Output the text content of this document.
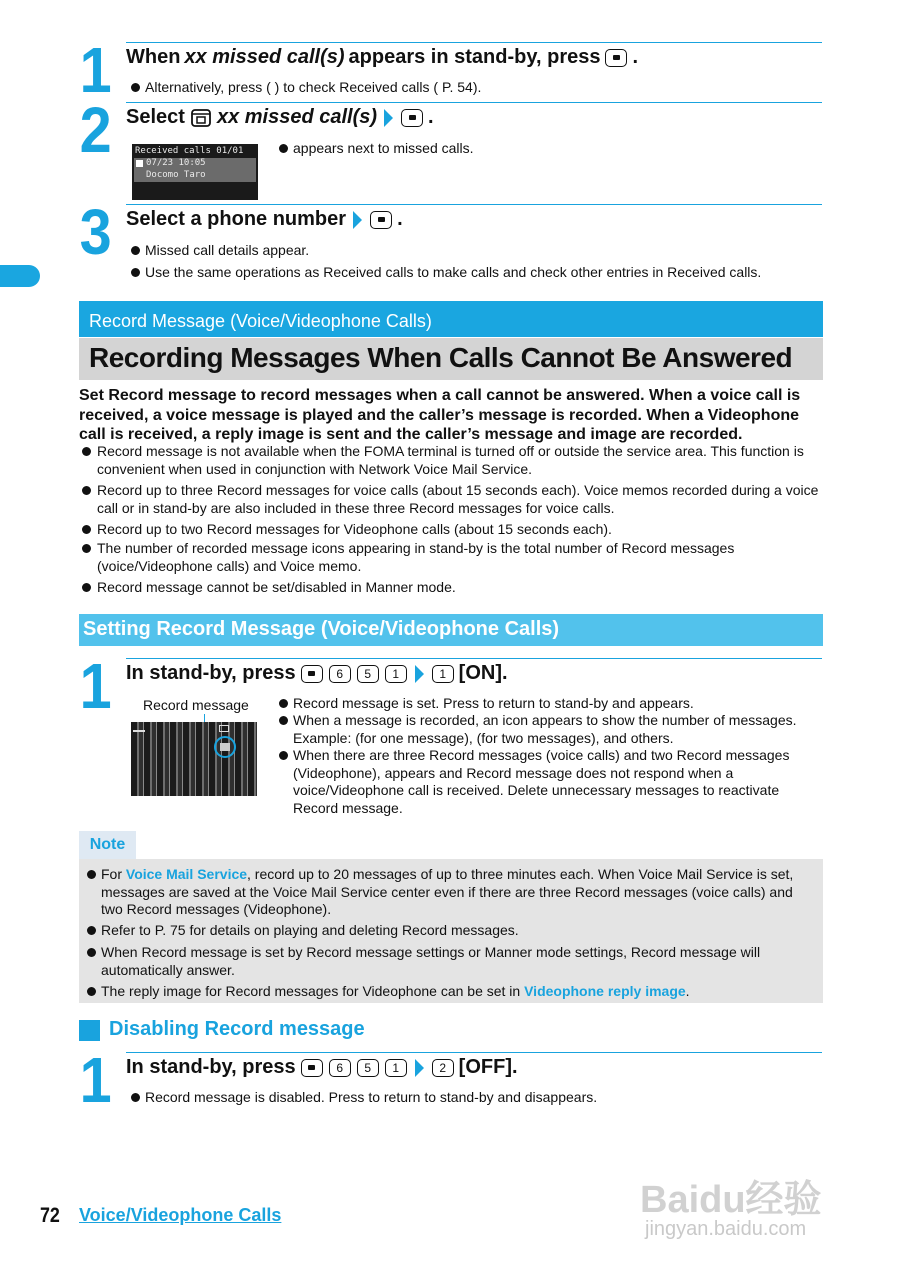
1 When xx missed call(s) appears in stand-by, press .
Alternatively, press ( ) to check Received calls ( P. 54).
2 Select xx missed call(s)	.
Received calls 01/01
07/23 10:05
Docomo Taro
appears next to missed calls.
3 Select a phone number	.
Missed call details appear.
Use the same operations as Received calls to make calls and check other entries in Received calls.
Record Message (Voice/Videophone Calls)
Recording Messages When Calls Cannot Be Answered
Set Record message to record messages when a call cannot be answered. When a voice call is received, a voice message is played and the caller’s message is recorded. When a Videophone call is received, a reply image is sent and the caller’s message and image are recorded.
Record message is not available when the FOMA terminal is turned off or outside the service area. This function is convenient when used in conjunction with Network Voice Mail Service.
Record up to three Record messages for voice calls (about 15 seconds each). Voice memos recorded during a voice call or in stand-by are also included in these three Record messages for voice calls.
Record up to two Record messages for Videophone calls (about 15 seconds each).
The number of recorded message icons appearing in stand-by is the total number of Record messages (voice/Videophone calls) and Voice memo.
Record message cannot be set/disabled in Manner mode.
Setting Record Message (Voice/Videophone Calls)
1 In stand-by, press	6	5	1	1 [ON].
Record message	Record message is set. Press to return to stand-by and appears.
When a message is recorded, an icon appears to show the number of messages. Example: (for one message), (for two messages), and others.
When there are three Record messages (voice calls) and two Record messages (Videophone), appears and Record message does not respond when a voice/Videophone call is received. Delete unnecessary messages to reactivate Record message.
Note
For Voice Mail Service, record up to 20 messages of up to three minutes each. When Voice Mail Service is set, messages are saved at the Voice Mail Service center even if there are three Record messages (voice calls) and two Record messages (Videophone).
Refer to P. 75 for details on playing and deleting Record messages.
When Record message is set by Record message settings or Manner mode settings, Record message will automatically answer.
The reply image for Record messages for Videophone can be set in Videophone reply image.
Disabling Record message
1 In stand-by, press	6	5	1	2 [OFF].
Record message is disabled. Press to return to stand-by and disappears.
72 Voice/Videophone Calls	Baidu经验
jingyan.baidu.com
